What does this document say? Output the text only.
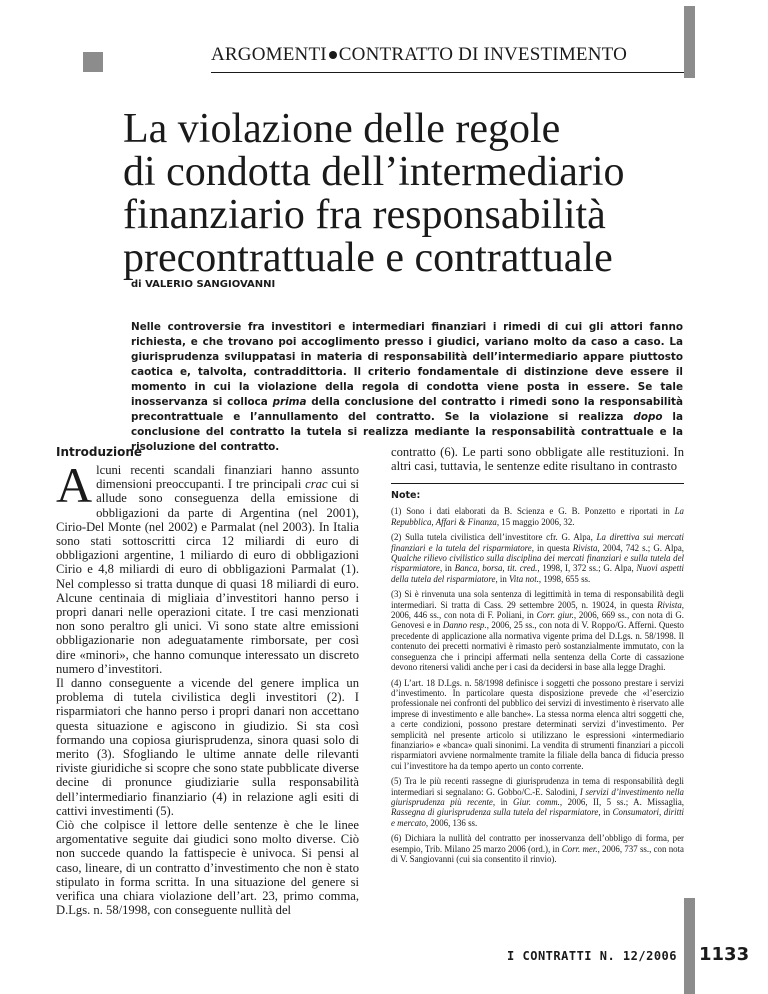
ARGOMENTI CONTRATTO DI INVESTIMENTO
La violazione delle regole
di condotta dell’intermediario
finanziario fra responsabilità
precontrattuale e contrattuale
di VALERIO SANGIOVANNI

Nelle controversie fra investitori e intermediari finanziari i rimedi di cui gli attori fanno richiesta, e che trovano poi accoglimento presso i giudici, variano molto da caso a caso. La giurisprudenza sviluppatasi in materia di responsabilità dell’intermediario appare piuttosto caotica e, talvolta, contraddittoria. Il criterio fondamentale di distinzione deve essere il momento in cui la violazione della regola di condotta viene posta in essere. Se tale inosservanza si colloca prima della conclusione del contratto i rimedi sono la responsabilità precontrattuale e l’annullamento del contratto. Se la violazione si realizza dopo la conclusione del contratto la tutela si realizza mediante la responsabilità contrattuale e la risoluzione del contratto.

Introduzione

Alcuni recenti scandali finanziari hanno assunto dimensioni preoccupanti. I tre principali crac cui si allude sono conseguenza della emissione di obbligazioni da parte di Argentina (nel 2001), Cirio-Del Monte (nel 2002) e Parmalat (nel 2003). In Italia sono stati sottoscritti circa 12 miliardi di euro di obbligazioni argentine, 1 miliardo di euro di obbligazioni Cirio e 4,8 miliardi di euro di obbligazioni Parmalat (1). Nel complesso si tratta dunque di quasi 18 miliardi di euro. Alcune centinaia di migliaia d’investitori hanno perso i propri danari nelle operazioni citate. I tre casi menzionati non sono peraltro gli unici. Vi sono state altre emissioni obbligazionarie non adeguatamente rimborsate, per così dire «minori», che hanno comunque interessato un discreto numero d’investitori.

Il danno conseguente a vicende del genere implica un problema di tutela civilistica degli investitori (2). I risparmiatori che hanno perso i propri danari non accettano questa situazione e agiscono in giudizio. Si sta così formando una copiosa giurisprudenza, sinora quasi solo di merito (3). Sfogliando le ultime annate delle rilevanti riviste giuridiche si scopre che sono state pubblicate diverse decine di pronunce giudiziarie sulla responsabilità dell’intermediario finanziario (4) in relazione agli esiti di cattivi investimenti (5).

Ciò che colpisce il lettore delle sentenze è che le linee argomentative seguite dai giudici sono molto diverse. Ciò non succede quando la fattispecie è univoca. Si pensi al caso, lineare, di un contratto d’investimento che non è stato stipulato in forma scritta. In una situazione del genere si verifica una chiara violazione dell’art. 23, primo comma, D.Lgs. n. 58/1998, con conseguente nullità del

contratto (6). Le parti sono obbligate alle restituzioni. In altri casi, tuttavia, le sentenze edite risultano in contrasto
Note:

(1) Sono i dati elaborati da B. Scienza e G. B. Ponzetto e riportati in La Repubblica, Affari & Finanza, 15 maggio 2006, 32.

(2) Sulla tutela civilistica dell’investitore cfr. G. Alpa, La direttiva sui mercati finanziari e la tutela del risparmiatore, in questa Rivista, 2004, 742 s.; G. Alpa, Qualche rilievo civilistico sulla disciplina dei mercati finanziari e sulla tutela del risparmiatore, in Banca, borsa, tit. cred., 1998, I, 372 ss.; G. Alpa, Nuovi aspetti della tutela del risparmiatore, in Vita not., 1998, 655 ss.

(3) Si è rinvenuta una sola sentenza di legittimità in tema di responsabilità degli intermediari. Si tratta di Cass. 29 settembre 2005, n. 19024, in questa Rivista, 2006, 446 ss., con nota di F. Poliani, in Corr. giur., 2006, 669 ss., con nota di G. Genovesi e in Danno resp., 2006, 25 ss., con nota di V. Roppo/G. Afferni. Questo precedente di applicazione alla normativa vigente prima del D.Lgs. n. 58/1998. Il contenuto dei precetti normativi è rimasto però sostanzialmente immutato, con la conseguenza che i principi affermati nella sentenza della Corte di cassazione devono ritenersi validi anche per i casi da decidersi in base alla legge Draghi.

(4) L’art. 18 D.Lgs. n. 58/1998 definisce i soggetti che possono prestare i servizi d’investimento. In particolare questa disposizione prevede che «l’esercizio professionale nei confronti del pubblico dei servizi di investimento è riservato alle imprese di investimento e alle banche». La stessa norma elenca altri soggetti che, a certe condizioni, possono prestare determinati servizi d’investimento. Per semplicità nel presente articolo si utilizzano le espressioni «intermediario finanziario» e «banca» quali sinonimi. La vendita di strumenti finanziari a piccoli risparmiatori avviene normalmente tramite la filiale della banca di fiducia presso cui l’investitore ha da tempo aperto un conto corrente.

(5) Tra le più recenti rassegne di giurisprudenza in tema di responsabilità degli intermediari si segnalano: G. Gobbo/C.-E. Salodini, I servizi d’investimento nella giurisprudenza più recente, in Giur. comm., 2006, II, 5 ss.; A. Missaglia, Rassegna di giurisprudenza sulla tutela del risparmiatore, in Consumatori, diritti e mercato, 2006, 136 ss.

(6) Dichiara la nullità del contratto per inosservanza dell’obbligo di forma, per esempio, Trib. Milano 25 marzo 2006 (ord.), in Corr. mer., 2006, 737 ss., con nota di V. Sangiovanni (cui sia consentito il rinvio).

I CONTRATTI N. 12/2006 1133
